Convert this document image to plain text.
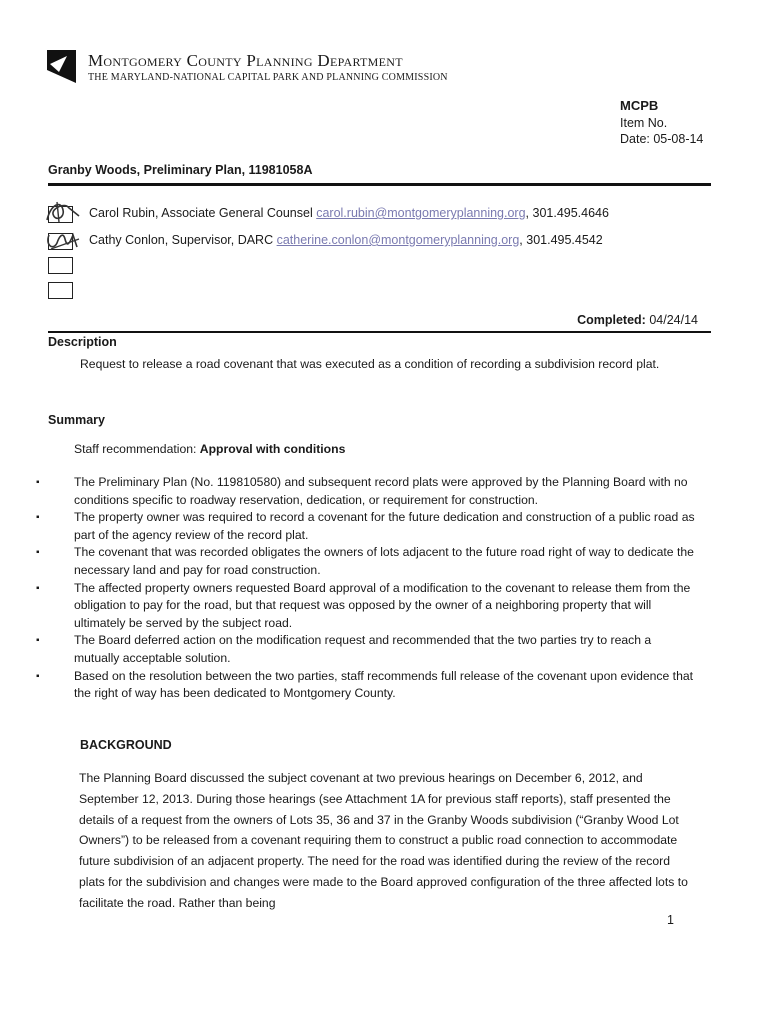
Montgomery County Planning Department
THE MARYLAND-NATIONAL CAPITAL PARK AND PLANNING COMMISSION
MCPB
Item No.
Date: 05-08-14
Granby Woods, Preliminary Plan, 11981058A
Carol Rubin, Associate General Counsel carol.rubin@montgomeryplanning.org, 301.495.4646
Cathy Conlon, Supervisor, DARC catherine.conlon@montgomeryplanning.org, 301.495.4542
Completed: 04/24/14
Description
Request to release a road covenant that was executed as a condition of recording a subdivision record plat.
Summary
Staff recommendation: Approval with conditions
▪ The Preliminary Plan (No. 119810580) and subsequent record plats were approved by the Planning Board with no conditions specific to roadway reservation, dedication, or requirement for construction.
▪ The property owner was required to record a covenant for the future dedication and construction of a public road as part of the agency review of the record plat.
▪ The covenant that was recorded obligates the owners of lots adjacent to the future road right of way to dedicate the necessary land and pay for road construction.
▪ The affected property owners requested Board approval of a modification to the covenant to release them from the obligation to pay for the road, but that request was opposed by the owner of a neighboring property that will ultimately be served by the subject road.
▪ The Board deferred action on the modification request and recommended that the two parties try to reach a mutually acceptable solution.
▪ Based on the resolution between the two parties, staff recommends full release of the covenant upon evidence that the right of way has been dedicated to Montgomery County.
BACKGROUND
The Planning Board discussed the subject covenant at two previous hearings on December 6, 2012, and September 12, 2013. During those hearings (see Attachment 1A for previous staff reports), staff presented the details of a request from the owners of Lots 35, 36 and 37 in the Granby Woods subdivision (“Granby Wood Lot Owners”) to be released from a covenant requiring them to construct a public road connection to accommodate future subdivision of an adjacent property. The need for the road was identified during the review of the record plats for the subdivision and changes were made to the Board approved configuration of the three affected lots to facilitate the road. Rather than being
1
